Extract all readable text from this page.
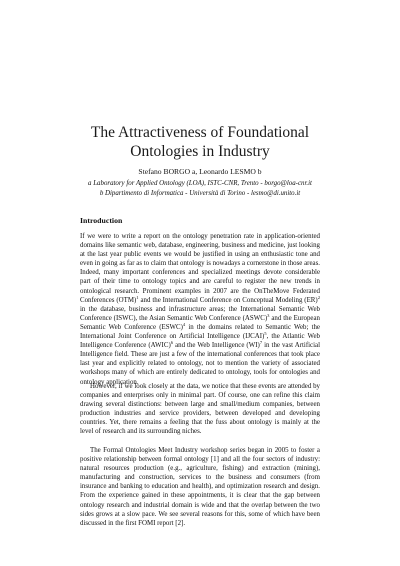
The Attractiveness of Foundational
Ontologies in Industry
Stefano BORGO a, Leonardo LESMO b
a Laboratory for Applied Ontology (LOA), ISTC-CNR, Trento - borgo@loa-cnr.it
b Dipartimento di Informatica - Università di Torino - lesmo@di.unito.it
Introduction

If we were to write a report on the ontology penetration rate in application-oriented domains like semantic web, database, engineering, business and medicine, just looking at the last year public events we would be justified in using an enthusiastic tone and even in going as far as to claim that ontology is nowadays a cornerstone in those areas. Indeed, many important conferences and specialized meetings devote considerable part of their time to ontology topics and are careful to register the new trends in ontological research. Prominent examples in 2007 are the OnTheMove Federated Conferences (OTM)$^1$ and the International Conference on Conceptual Modeling (ER)$^2$ in the database, business and infrastructure areas; the International Semantic Web Conference (ISWC), the Asian Semantic Web Conference (ASWC)$^3$ and the European Semantic Web Conference (ESWC)$^4$ in the domains related to Semantic Web; the International Joint Conference on Artificial Intelligence (IJCAI)$^5$, the Atlantic Web Intelligence Conference (AWIC)$^6$ and the Web Intelligence (WI)$^7$ in the vast Artificial Intelligence field. These are just a few of the international conferences that took place last year and explicitly related to ontology, not to mention the variety of associated workshops many of which are entirely dedicated to ontology, tools for ontologies and ontology application.

However, if we look closely at the data, we notice that these events are attended by companies and enterprises only in minimal part. Of course, one can refine this claim drawing several distinctions: between large and small/medium companies, between production industries and service providers, between developed and developing countries. Yet, there remains a feeling that the fuss about ontology is mainly at the level of research and its surrounding niches.

The Formal Ontologies Meet Industry workshop series began in 2005 to foster a positive relationship between formal ontology [1] and all the four sectors of industry: natural resources production (e.g., agriculture, fishing) and extraction (mining), manufacturing and construction, services to the business and consumers (from insurance and banking to education and health), and optimization research and design. From the experience gained in these appointments, it is clear that the gap between ontology research and industrial domain is wide and that the overlap between the two sides grows at a slow pace. We see several reasons for this, some of which have been discussed in the first FOMI report [2].
